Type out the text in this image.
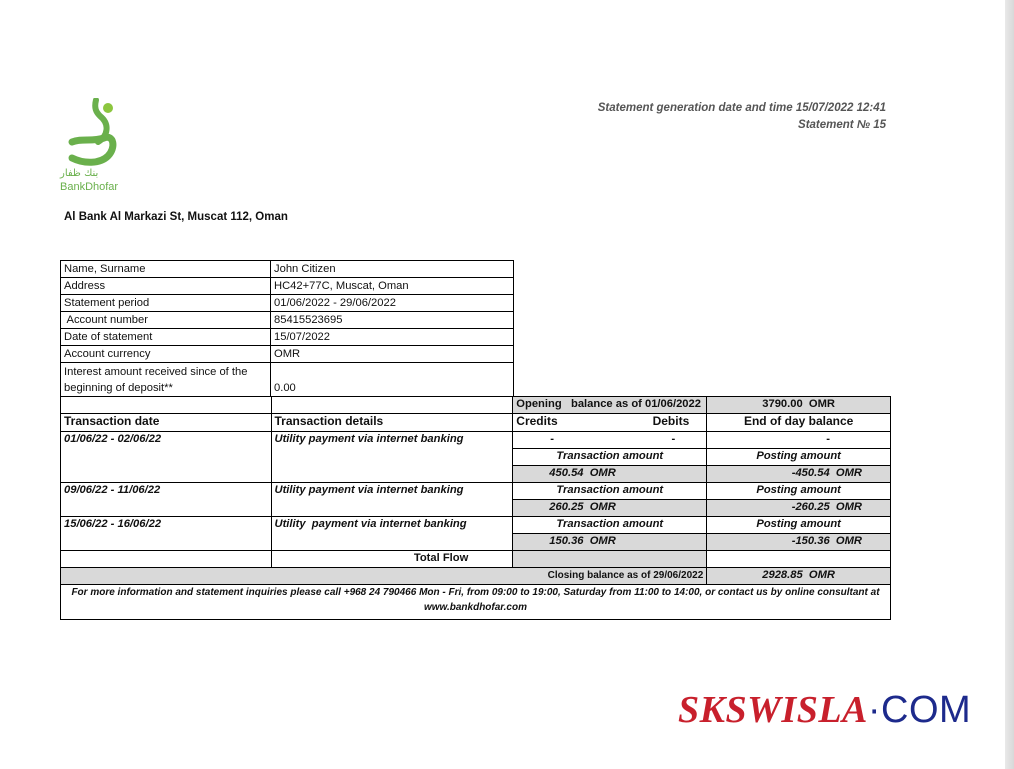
Statement generation date and time 15/07/2022 12:41
Statement № 15
بنك ظفار
BankDhofar
Al Bank Al Markazi St, Muscat 112, Oman
Name, Surname	John Citizen
Address	HC42+77C, Muscat, Oman
Statement period	01/06/2022 - 29/06/2022
Account number	85415523695
Date of statement	15/07/2022
Account currency	OMR
Interest amount received since of the beginning of deposit**	0.00
		Opening   balance as of 01/06/2022	3790.00  OMR
Transaction date	Transaction details	Credits Debits	End of day balance
01/06/22 - 02/06/22	Utility payment via internet banking	- -	-
		Transaction amount	Posting amount
		450.54  OMR	-450.54  OMR
09/06/22 - 11/06/22	Utility payment via internet banking	Transaction amount	Posting amount
		260.25  OMR	-260.25  OMR
15/06/22 - 16/06/22	Utility  payment via internet banking	Transaction amount	Posting amount
		150.36  OMR	-150.36  OMR
	Total Flow		
Closing balance as of 29/06/2022			2928.85  OMR
For more information and statement inquiries please call +968 24 790466 Mon - Fri, from 09:00 to 19:00, Saturday from 11:00 to 14:00, or contact us by online consultant at www.bankdhofar.com			
SKSWISLA·COM
